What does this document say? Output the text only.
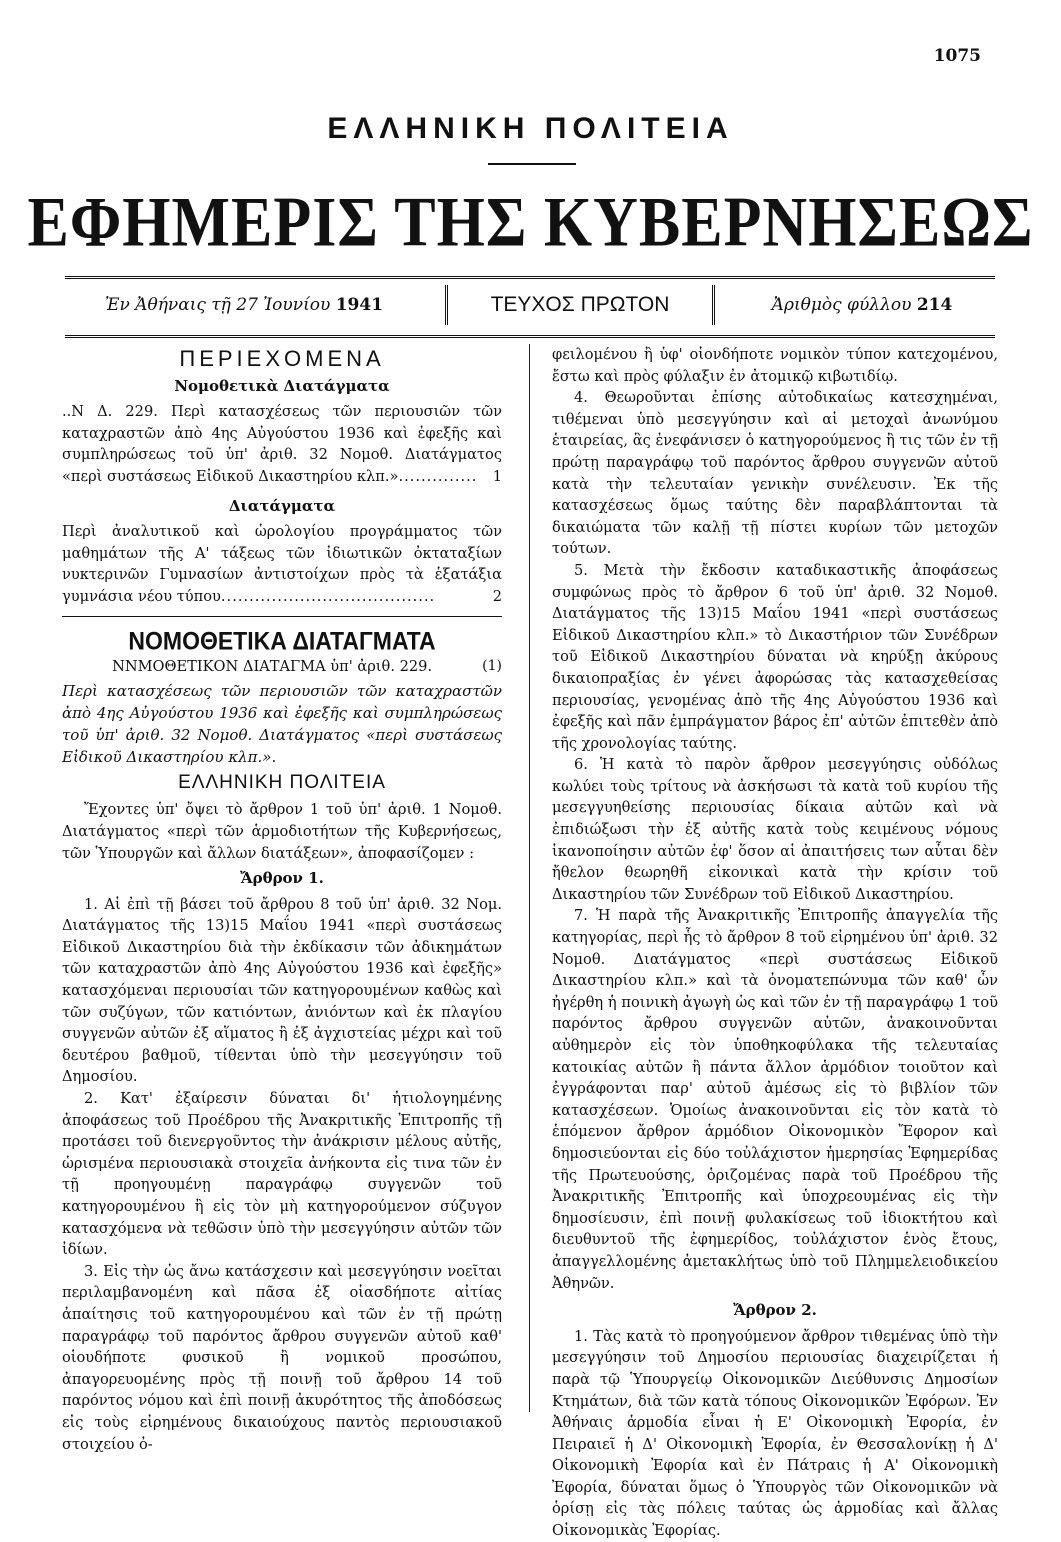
1075
ΕΛΛΗΝΙΚΗ ΠΟΛΙΤΕΙΑ
ΕΦΗΜΕΡΙΣ ΤΗΣ ΚΥΒΕΡΝΗΣΕΩΣ
Ἐν Ἀθήναις τῇ 27 Ἰουνίου 1941	ΤΕΥΧΟΣ ΠΡΩΤΟΝ	Ἀριθμὸς φύλλου 214
ΠΕΡΙΕΧΟΜΕΝΑ
Νομοθετικὰ Διατάγματα

..Ν Δ. 229. Περὶ κατασχέσεως τῶν περιουσιῶν τῶν καταχραστῶν ἀπὸ 4ης Αὐγούστου 1936 καὶ ἐφεξῆς καὶ συμπληρώσεως τοῦ ὑπ' ἀριθ. 32 Νομοθ. Διατάγματος «περὶ συστάσεως Εἰδικοῦ Δικαστηρίου κλπ.».............. 1

Διατάγματα

Περὶ ἀναλυτικοῦ καὶ ὡρολογίου προγράμματος τῶν μαθημάτων τῆς Α' τάξεως τῶν ἰδιωτικῶν ὀκταταξίων νυκτερινῶν Γυμνασίων ἀντιστοίχων πρὸς τὰ ἑξατάξια γυμνάσια νέου τύπου......................................	2

ΝΟΜΟΘΕΤΙΚΑ ΔΙΑΤΑΓΜΑΤΑ
ΝΝΜΟΘΕΤΙΚΟΝ ΔΙΑΤΑΓΜΑ ὑπ' ἀριθ. 229.	(1)

Περὶ κατασχέσεως τῶν περιουσιῶν τῶν καταχραστῶν ἀπὸ 4ης Αὐγούστου 1936 καὶ ἐφεξῆς καὶ συμπληρώσεως τοῦ ὑπ' ἀριθ. 32 Νομοθ. Διατάγματος «περὶ συστάσεως Εἰδικοῦ Δικαστηρίου κλπ.».

ΕΛΛΗΝΙΚΗ ΠΟΛΙΤΕΙΑ

Ἔχοντες ὑπ' ὄψει τὸ ἄρθρον 1 τοῦ ὑπ' ἀριθ. 1 Νομοθ. Διατάγματος «περὶ τῶν ἁρμοδιοτήτων τῆς Κυβερνήσεως, τῶν Ὑπουργῶν καὶ ἄλλων διατάξεων», ἀποφασίζομεν :

Ἄρθρον 1.

1. Αἱ ἐπὶ τῇ βάσει τοῦ ἄρθρου 8 τοῦ ὑπ' ἀριθ. 32 Νομ. Διατάγματος τῆς 13)15 Μαΐου 1941 «περὶ συστάσεως Εἰδικοῦ Δικαστηρίου διὰ τὴν ἐκδίκασιν τῶν ἀδικημάτων τῶν καταχραστῶν ἀπὸ 4ης Αὐγούστου 1936 καὶ ἐφεξῆς» κατασχόμεναι περιουσίαι τῶν κατηγορουμένων καθὼς καὶ τῶν συζύγων, τῶν κατιόντων, ἀνιόντων καὶ ἐκ πλαγίου συγγενῶν αὐτῶν ἐξ αἵματος ἢ ἐξ ἀγχιστείας μέχρι καὶ τοῦ δευτέρου βαθμοῦ, τίθενται ὑπὸ τὴν μεσεγγύησιν τοῦ Δημοσίου.

2. Κατ' ἐξαίρεσιν δύναται δι' ἠτιολογημένης ἀποφάσεως τοῦ Προέδρου τῆς Ἀνακριτικῆς Ἐπιτροπῆς τῇ προτάσει τοῦ διενεργοῦντος τὴν ἀνάκρισιν μέλους αὐτῆς, ὡρισμένα περιουσιακὰ στοιχεῖα ἀνήκοντα εἰς τινα τῶν ἐν τῇ προηγουμένῃ παραγράφῳ συγγενῶν τοῦ κατηγορουμένου ἢ εἰς τὸν μὴ κατηγορούμενον σύζυγον κατασχόμενα νὰ τεθῶσιν ὑπὸ τὴν μεσεγγύησιν αὐτῶν τῶν ἰδίων.

3. Εἰς τὴν ὡς ἄνω κατάσχεσιν καὶ μεσεγγύησιν νοεῖται περιλαμβανομένη καὶ πᾶσα ἐξ οἱασδήποτε αἰτίας ἀπαίτησις τοῦ κατηγορουμένου καὶ τῶν ἐν τῇ πρώτῃ παραγράφῳ τοῦ παρόντος ἄρθρου συγγενῶν αὐτοῦ καθ' οἱουδήποτε φυσικοῦ ἢ νομικοῦ προσώπου, ἀπαγορευομένης πρὸς τῇ ποινῇ τοῦ ἄρθρου 14 τοῦ παρόντος νόμου καὶ ἐπὶ ποινῇ ἀκυρότητος τῆς ἀποδόσεως εἰς τοὺς εἰρημένους δικαιούχους παντὸς περιουσιακοῦ στοιχείου ὀ-

φειλομένου ἢ ὑφ' οἱονδήποτε νομικὸν τύπον κατεχομένου, ἔστω καὶ πρὸς φύλαξιν ἐν ἀτομικῷ κιβωτιδίῳ.

4. Θεωροῦνται ἐπίσης αὐτοδικαίως κατεσχημέναι, τιθέμεναι ὑπὸ μεσεγγύησιν καὶ αἱ μετοχαὶ ἀνωνύμου ἑταιρείας, ἃς ἐνεφάνισεν ὁ κατηγορούμενος ἢ τις τῶν ἐν τῇ πρώτῃ παραγράφῳ τοῦ παρόντος ἄρθρου συγγενῶν αὐτοῦ κατὰ τὴν τελευταίαν γενικὴν συνέλευσιν. Ἐκ τῆς κατασχέσεως ὅμως ταύτης δὲν παραβλάπτονται τὰ δικαιώματα τῶν καλῇ τῇ πίστει κυρίων τῶν μετοχῶν τούτων.

5. Μετὰ τὴν ἔκδοσιν καταδικαστικῆς ἀποφάσεως συμφώνως πρὸς τὸ ἄρθρον 6 τοῦ ὑπ' ἀριθ. 32 Νομοθ. Διατάγματος τῆς 13)15 Μαΐου 1941 «περὶ συστάσεως Εἰδικοῦ Δικαστηρίου κλπ.» τὸ Δικαστήριον τῶν Συνέδρων τοῦ Εἰδικοῦ Δικαστηρίου δύναται νὰ κηρύξῃ ἀκύρους δικαιοπραξίας ἐν γένει ἀφορώσας τὰς κατασχεθείσας περιουσίας, γενομένας ἀπὸ τῆς 4ης Αὐγούστου 1936 καὶ ἐφεξῆς καὶ πᾶν ἐμπράγματον βάρος ἐπ' αὐτῶν ἐπιτεθὲν ἀπὸ τῆς χρονολογίας ταύτης.

6. Ἡ κατὰ τὸ παρὸν ἄρθρον μεσεγγύησις οὐδόλως κωλύει τοὺς τρίτους νὰ ἀσκήσωσι τὰ κατὰ τοῦ κυρίου τῆς μεσεγγυηθείσης περιουσίας δίκαια αὐτῶν καὶ νὰ ἐπιδιώξωσι τὴν ἐξ αὐτῆς κατὰ τοὺς κειμένους νόμους ἱκανοποίησιν αὐτῶν ἐφ' ὅσον αἱ ἀπαιτήσεις των αὗται δὲν ἤθελον θεωρηθῆ εἰκονικαὶ κατὰ τὴν κρίσιν τοῦ Δικαστηρίου τῶν Συνέδρων τοῦ Εἰδικοῦ Δικαστηρίου.

7. Ἡ παρὰ τῆς Ἀνακριτικῆς Ἐπιτροπῆς ἀπαγγελία τῆς κατηγορίας, περὶ ἧς τὸ ἄρθρον 8 τοῦ εἰρημένου ὑπ' ἀριθ. 32 Νομοθ. Διατάγματος «περὶ συστάσεως Εἰδικοῦ Δικαστηρίου κλπ.» καὶ τὰ ὀνοματεπώνυμα τῶν καθ' ὧν ἠγέρθη ἡ ποινικὴ ἀγωγὴ ὡς καὶ τῶν ἐν τῇ παραγράφῳ 1 τοῦ παρόντος ἄρθρου συγγενῶν αὐτῶν, ἀνακοινοῦνται αὐθημερὸν εἰς τὸν ὑποθηκοφύλακα τῆς τελευταίας κατοικίας αὐτῶν ἢ πάντα ἄλλον ἁρμόδιον τοιοῦτον καὶ ἐγγράφονται παρ' αὐτοῦ ἀμέσως εἰς τὸ βιβλίον τῶν κατασχέσεων. Ὁμοίως ἀνακοινοῦνται εἰς τὸν κατὰ τὸ ἑπόμενον ἄρθρον ἁρμόδιον Οἰκονομικὸν Ἔφορον καὶ δημοσιεύονται εἰς δύο τοὐλάχιστον ἡμερησίας Ἐφημερίδας τῆς Πρωτευούσης, ὁριζομένας παρὰ τοῦ Προέδρου τῆς Ἀνακριτικῆς Ἐπιτροπῆς καὶ ὑποχρεουμένας εἰς τὴν δημοσίευσιν, ἐπὶ ποινῇ φυλακίσεως τοῦ ἰδιοκτήτου καὶ διευθυντοῦ τῆς ἐφημερίδος, τοὐλάχιστον ἑνὸς ἔτους, ἀπαγγελλομένης ἀμετακλήτως ὑπὸ τοῦ Πλημμελειοδικείου Ἀθηνῶν.

Ἄρθρον 2.

1. Τὰς κατὰ τὸ προηγούμενον ἄρθρον τιθεμένας ὑπὸ τὴν μεσεγγύησιν τοῦ Δημοσίου περιουσίας διαχειρίζεται ἡ παρὰ τῷ Ὑπουργείῳ Οἰκονομικῶν Διεύθυνσις Δημοσίων Κτημάτων, διὰ τῶν κατὰ τόπους Οἰκονομικῶν Ἐφόρων. Ἐν Ἀθήναις ἁρμοδία εἶναι ἡ Ε' Οἰκονομικὴ Ἐφορία, ἐν Πειραιεῖ ἡ Δ' Οἰκονομικὴ Ἐφορία, ἐν Θεσσαλονίκῃ ἡ Δ' Οἰκονομικὴ Ἐφορία καὶ ἐν Πάτραις ἡ Α' Οἰκονομικὴ Ἐφορία, δύναται ὅμως ὁ Ὑπουργὸς τῶν Οἰκονομικῶν νὰ ὁρίσῃ εἰς τὰς πόλεις ταύτας ὡς ἁρμοδίας καὶ ἄλλας Οἰκονομικὰς Ἐφορίας.
